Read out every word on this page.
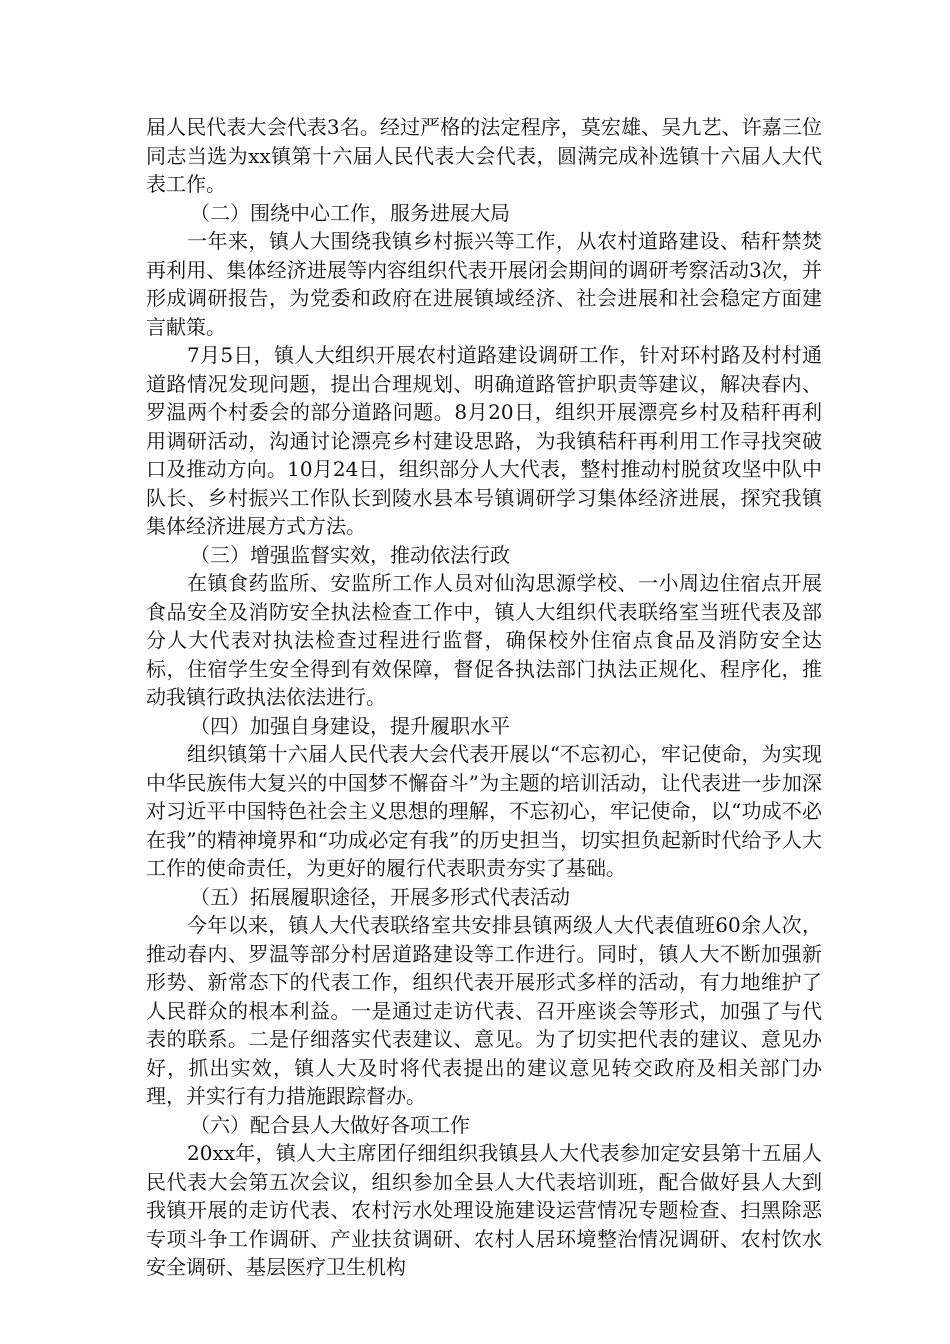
届人民代表大会代表3名。经过严格的法定程序，莫宏雄、吴九艺、许嘉三位同志当选为xx镇第十六届人民代表大会代表，圆满完成补选镇十六届人大代表工作。

（二）围绕中心工作，服务进展大局

一年来，镇人大围绕我镇乡村振兴等工作，从农村道路建设、秸秆禁焚再利用、集体经济进展等内容组织代表开展闭会期间的调研考察活动3次，并形成调研报告，为党委和政府在进展镇域经济、社会进展和社会稳定方面建言献策。

7月5日，镇人大组织开展农村道路建设调研工作，针对环村路及村村通道路情况发现问题，提出合理规划、明确道路管护职责等建议，解决春内、罗温两个村委会的部分道路问题。8月20日，组织开展漂亮乡村及秸秆再利用调研活动，沟通讨论漂亮乡村建设思路，为我镇秸秆再利用工作寻找突破口及推动方向。10月24日，组织部分人大代表，整村推动村脱贫攻坚中队中队长、乡村振兴工作队长到陵水县本号镇调研学习集体经济进展，探究我镇集体经济进展方式方法。

（三）增强监督实效，推动依法行政

在镇食药监所、安监所工作人员对仙沟思源学校、一小周边住宿点开展食品安全及消防安全执法检查工作中，镇人大组织代表联络室当班代表及部分人大代表对执法检查过程进行监督，确保校外住宿点食品及消防安全达标，住宿学生安全得到有效保障，督促各执法部门执法正规化、程序化，推动我镇行政执法依法进行。

（四）加强自身建设，提升履职水平

组织镇第十六届人民代表大会代表开展以“不忘初心，牢记使命，为实现中华民族伟大复兴的中国梦不懈奋斗”为主题的培训活动，让代表进一步加深对习近平中国特色社会主义思想的理解，不忘初心，牢记使命，以“功成不必在我”的精神境界和“功成必定有我”的历史担当，切实担负起新时代给予人大工作的使命责任，为更好的履行代表职责夯实了基础。

（五）拓展履职途径，开展多形式代表活动

今年以来，镇人大代表联络室共安排县镇两级人大代表值班60余人次，推动春内、罗温等部分村居道路建设等工作进行。同时，镇人大不断加强新形势、新常态下的代表工作，组织代表开展形式多样的活动，有力地维护了人民群众的根本利益。一是通过走访代表、召开座谈会等形式，加强了与代表的联系。二是仔细落实代表建议、意见。为了切实把代表的建议、意见办好，抓出实效，镇人大及时将代表提出的建议意见转交政府及相关部门办理，并实行有力措施跟踪督办。

（六）配合县人大做好各项工作

20xx年，镇人大主席团仔细组织我镇县人大代表参加定安县第十五届人民代表大会第五次会议，组织参加全县人大代表培训班，配合做好县人大到我镇开展的走访代表、农村污水处理设施建设运营情况专题检查、扫黑除恶专项斗争工作调研、产业扶贫调研、农村人居环境整治情况调研、农村饮水安全调研、基层医疗卫生机构
